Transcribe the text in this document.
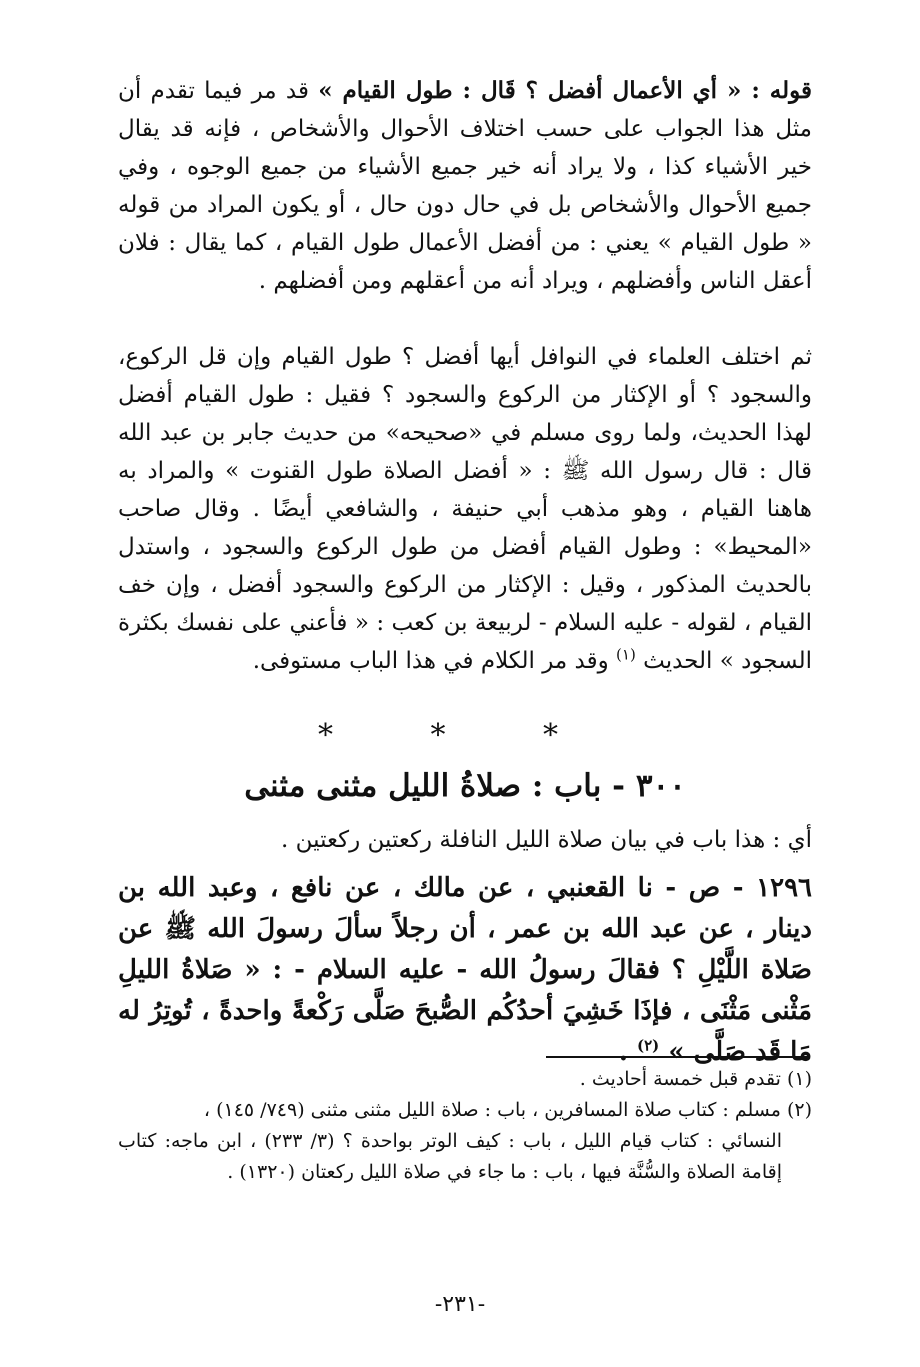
قوله : « أي الأعمال أفضل ؟ قَال : طول القيام » قد مر فيما تقدم أن مثل هذا الجواب على حسب اختلاف الأحوال والأشخاص ، فإنه قد يقال خير الأشياء كذا ، ولا يراد أنه خير جميع الأشياء من جميع الوجوه ، وفي جميع الأحوال والأشخاص بل في حال دون حال ، أو يكون المراد من قوله « طول القيام » يعني : من أفضل الأعمال طول القيام ، كما يقال : فلان أعقل الناس وأفضلهم ، ويراد أنه من أعقلهم ومن أفضلهم .
ثم اختلف العلماء في النوافل أيها أفضل ؟ طول القيام وإن قل الركوع، والسجود ؟ أو الإكثار من الركوع والسجود ؟ فقيل : طول القيام أفضل لهذا الحديث، ولما روى مسلم في «صحيحه» من حديث جابر بن عبد الله قال : قال رسول الله ﷺ : « أفضل الصلاة طول القنوت » والمراد به هاهنا القيام ، وهو مذهب أبي حنيفة ، والشافعي أيضًا . وقال صاحب «المحيط» : وطول القيام أفضل من طول الركوع والسجود ، واستدل بالحديث المذكور ، وقيل : الإكثار من الركوع والسجود أفضل ، وإن خف القيام ، لقوله - عليه السلام - لربيعة بن كعب : « فأعني على نفسك بكثرة السجود » الحديث $^{(١)}$ وقد مر الكلام في هذا الباب مستوفى.
* * *
٣٠٠ - باب : صلاةُ الليل مثنى مثنى
أي : هذا باب في بيان صلاة الليل النافلة ركعتين ركعتين .
١٢٩٦ - ص - نا القعنبي ، عن مالك ، عن نافع ، وعبد الله بن دينار ، عن عبد الله بن عمر ، أن رجلاً سألَ رسولَ الله ﷺ عن صَلاة اللَّيْلِ ؟ فقالَ رسولُ الله - عليه السلام - : « صَلاةُ الليلِ مَثْنى مَثْنَى ، فإذَا خَشِيَ أحدُكُم الصُّبحَ صَلَّى رَكْعةً واحدةً ، تُوتِرُ له مَا قَد صَلَّى » $^{(٢)}$ .
(١) تقدم قبل خمسة أحاديث .
(٢) مسلم : كتاب صلاة المسافرين ، باب : صلاة الليل مثنى مثنى (٧٤٩/ ١٤٥) ،
النسائي : كتاب قيام الليل ، باب : كيف الوتر بواحدة ؟ (٣/ ٢٣٣) ، ابن ماجه: كتاب إقامة الصلاة والسُّنَّة فيها ، باب : ما جاء في صلاة الليل ركعتان (١٣٢٠) .
-٢٣١-
